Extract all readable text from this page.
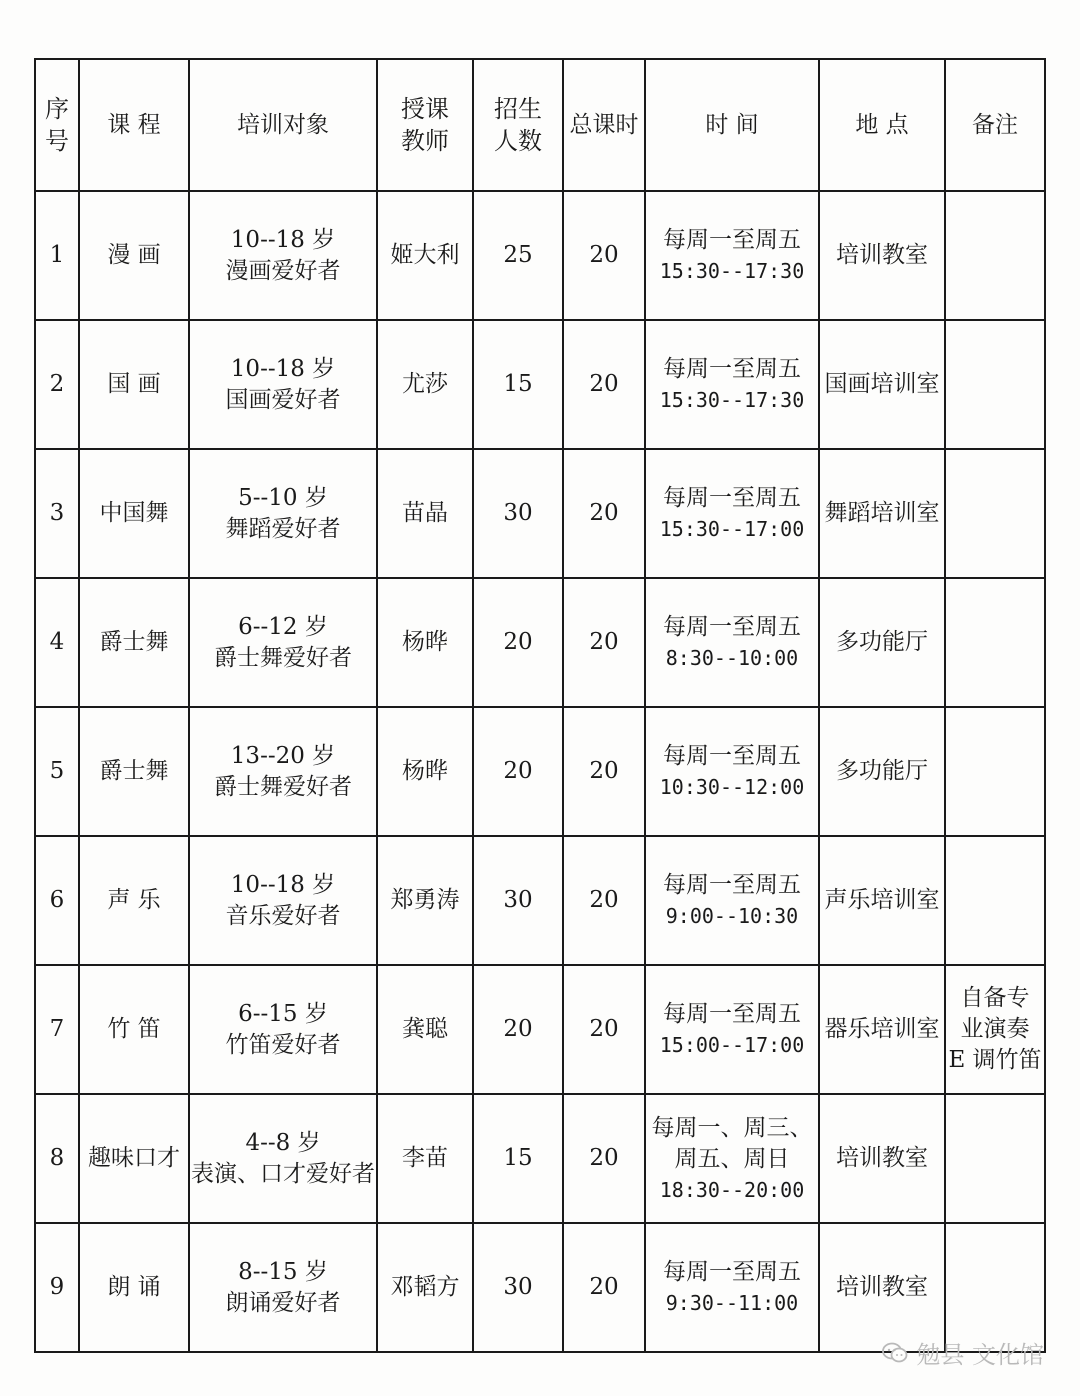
序
号	课 程	培训对象	授课
教师	招生
人数	总课时	时 间	地 点	备注

1	漫 画	10--18 岁
漫画爱好者	姬大利	25	20	每周一至周五
15:30--17:30	培训教室	
2	国 画	10--18 岁
国画爱好者	尤莎	15	20	每周一至周五
15:30--17:30	国画培训室	
3	中国舞	5--10 岁
舞蹈爱好者	苗晶	30	20	每周一至周五
15:30--17:00	舞蹈培训室	
4	爵士舞	6--12 岁
爵士舞爱好者	杨晔	20	20	每周一至周五
8:30--10:00	多功能厅	
5	爵士舞	13--20 岁
爵士舞爱好者	杨晔	20	20	每周一至周五
10:30--12:00	多功能厅	
6	声 乐	10--18 岁
音乐爱好者	郑勇涛	30	20	每周一至周五
9:00--10:30	声乐培训室	
7	竹 笛	6--15 岁
竹笛爱好者	龚聪	20	20	每周一至周五
15:00--17:00	器乐培训室	自备专
业演奏
E 调竹笛

8	趣味口才	4--8 岁
表演、口才爱好者	李苗	15	20	每周一、周三、
周五、周日
18:30--20:00	培训教室	
9	朗 诵	8--15 岁
朗诵爱好者	邓韬方	30	20	每周一至周五
9:30--11:00	培训教室	
勉县 文化馆
